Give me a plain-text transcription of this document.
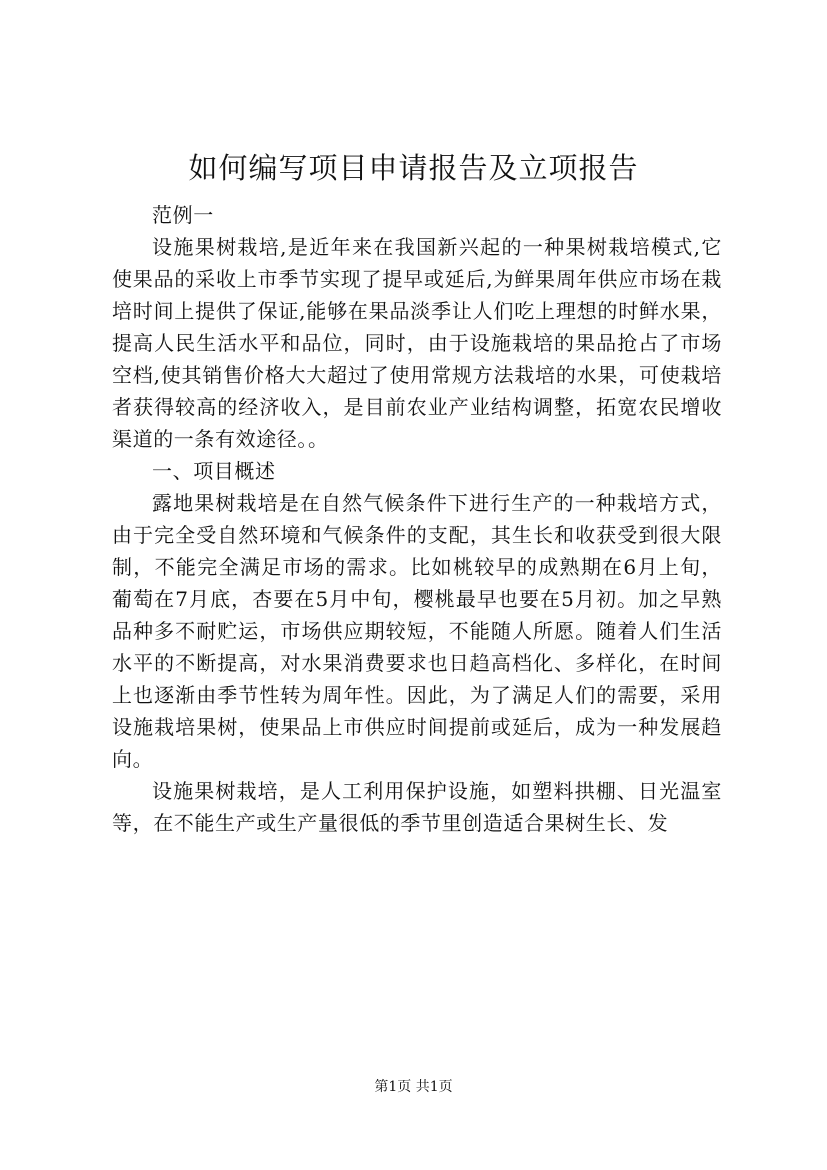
如何编写项目申请报告及立项报告

范例一

设施果树栽培,是近年来在我国新兴起的一种果树栽培模式,它使果品的采收上市季节实现了提早或延后,为鲜果周年供应市场在栽培时间上提供了保证,能够在果品淡季让人们吃上理想的时鲜水果，提高人民生活水平和品位，同时，由于设施栽培的果品抢占了市场空档,使其销售价格大大超过了使用常规方法栽培的水果，可使栽培者获得较高的经济收入，是目前农业产业结构调整，拓宽农民增收渠道的一条有效途径。。

一、项目概述

露地果树栽培是在自然气候条件下进行生产的一种栽培方式，由于完全受自然环境和气候条件的支配，其生长和收获受到很大限制，不能完全满足市场的需求。比如桃较早的成熟期在6月上旬，葡萄在7月底，杏要在5月中旬，樱桃最早也要在5月初。加之早熟品种多不耐贮运，市场供应期较短，不能随人所愿。随着人们生活水平的不断提高，对水果消费要求也日趋高档化、多样化，在时间上也逐渐由季节性转为周年性。因此，为了满足人们的需要，采用设施栽培果树，使果品上市供应时间提前或延后，成为一种发展趋向。

设施果树栽培，是人工利用保护设施，如塑料拱棚、日光温室等，在不能生产或生产量很低的季节里创造适合果树生长、发

第1页 共1页
